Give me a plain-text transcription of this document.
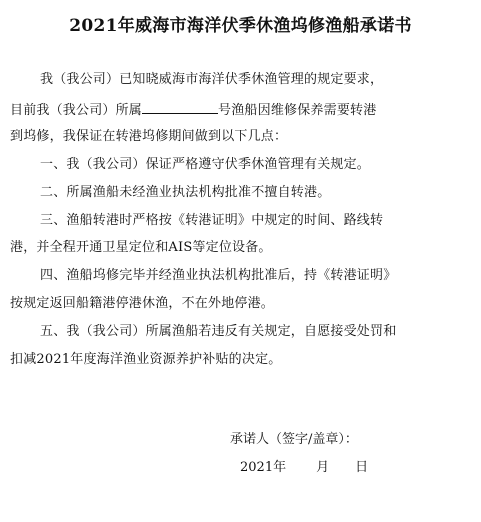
2021年威海市海洋伏季休渔坞修渔船承诺书
我（我公司）已知晓威海市海洋伏季休渔管理的规定要求，
目前我（我公司）所属	号渔船因维修保养需要转港
到坞修，我保证在转港坞修期间做到以下几点：
一、我（我公司）保证严格遵守伏季休渔管理有关规定。
二、所属渔船未经渔业执法机构批准不擅自转港。
三、渔船转港时严格按《转港证明》中规定的时间、路线转
港，并全程开通卫星定位和AIS等定位设备。
四、渔船坞修完毕并经渔业执法机构批准后，持《转港证明》
按规定返回船籍港停港休渔，不在外地停港。
五、我（我公司）所属渔船若违反有关规定，自愿接受处罚和
扣减2021年度海洋渔业资源养护补贴的决定。
承诺人（签字/盖章）：
2021年 月 日
